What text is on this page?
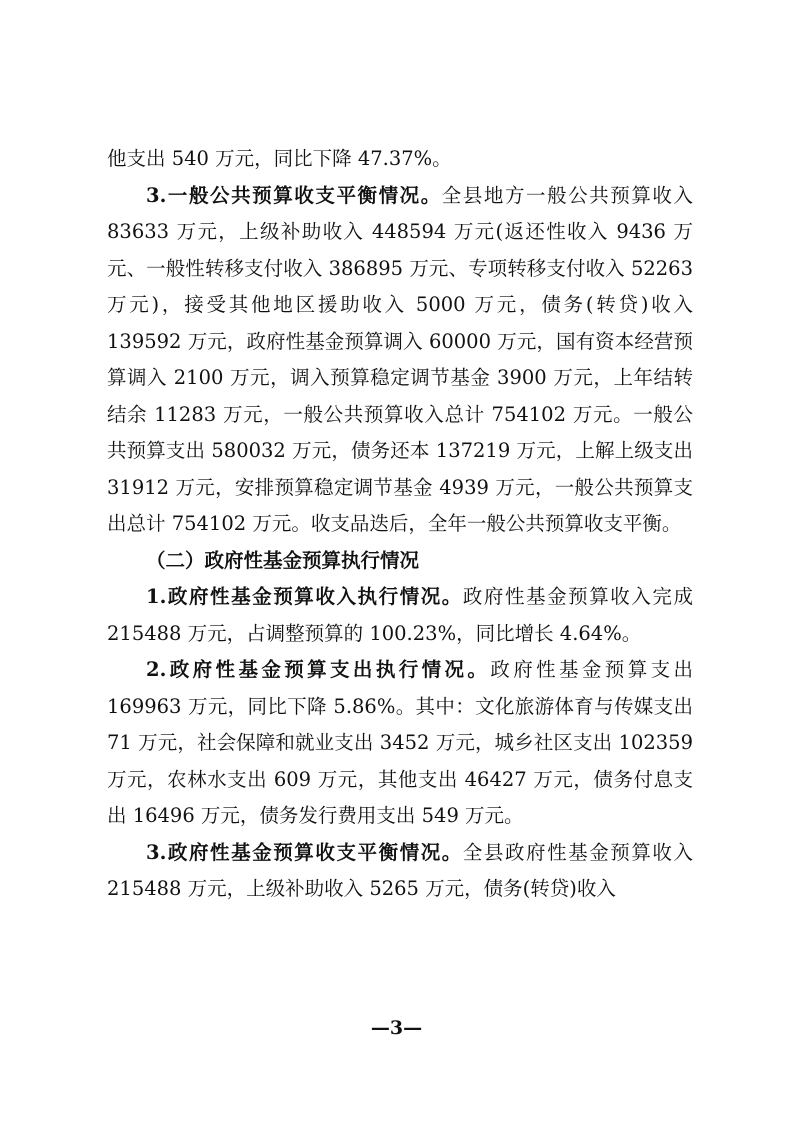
他支出 540 万元，同比下降 47.37%。

3.一般公共预算收支平衡情况。全县地方一般公共预算收入 83633 万元，上级补助收入 448594 万元(返还性收入 9436 万元、一般性转移支付收入 386895 万元、专项转移支付收入 52263 万元)，接受其他地区援助收入 5000 万元，债务(转贷)收入 139592 万元，政府性基金预算调入 60000 万元，国有资本经营预算调入 2100 万元，调入预算稳定调节基金 3900 万元，上年结转结余 11283 万元，一般公共预算收入总计 754102 万元。一般公共预算支出 580032 万元，债务还本 137219 万元，上解上级支出 31912 万元，安排预算稳定调节基金 4939 万元，一般公共预算支出总计 754102 万元。收支品迭后，全年一般公共预算收支平衡。

（二）政府性基金预算执行情况

1.政府性基金预算收入执行情况。政府性基金预算收入完成 215488 万元，占调整预算的 100.23%，同比增长 4.64%。

2.政府性基金预算支出执行情况。政府性基金预算支出 169963 万元，同比下降 5.86%。其中：文化旅游体育与传媒支出 71 万元，社会保障和就业支出 3452 万元，城乡社区支出 102359 万元，农林水支出 609 万元，其他支出 46427 万元，债务付息支出 16496 万元，债务发行费用支出 549 万元。

3.政府性基金预算收支平衡情况。全县政府性基金预算收入 215488 万元，上级补助收入 5265 万元，债务(转贷)收入

—3—
